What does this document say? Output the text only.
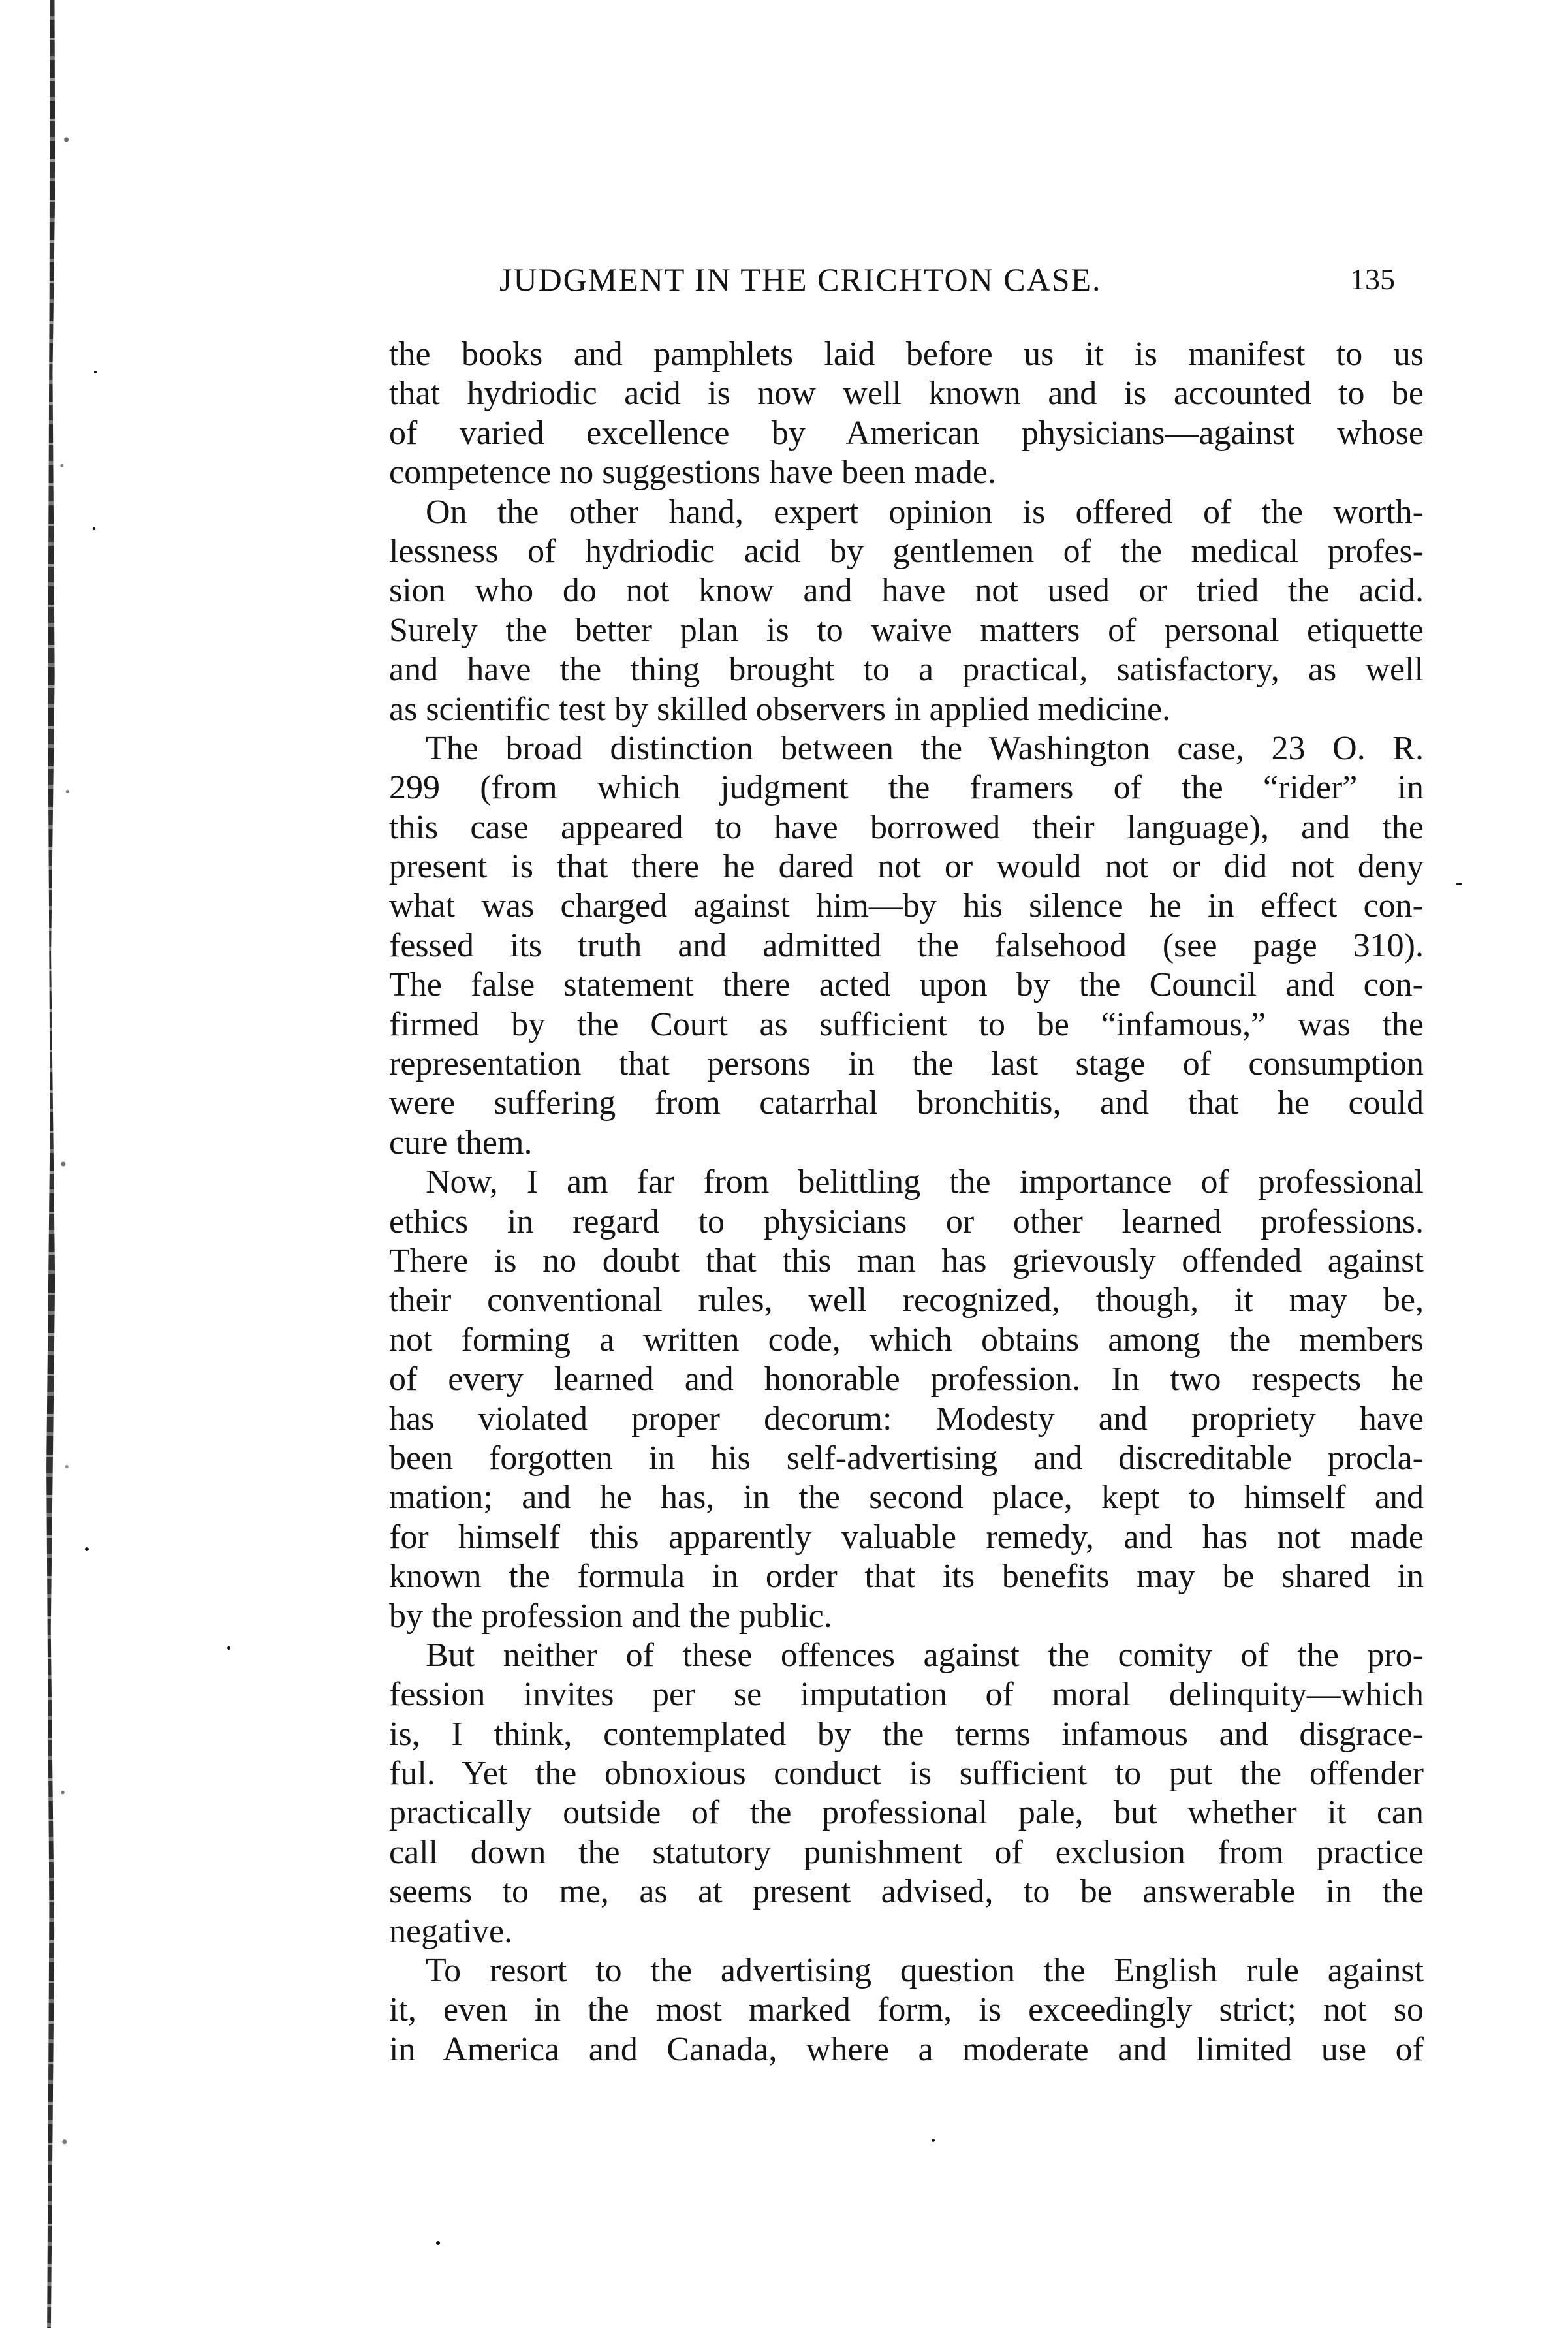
JUDGMENT IN THE CRICHTON CASE.	135
the books and pamphlets laid before us it is manifest to us
that hydriodic acid is now well known and is accounted to be
of varied excellence by American physicians—against whose
competence no suggestions have been made.
On the other hand, expert opinion is offered of the worth-
lessness of hydriodic acid by gentlemen of the medical profes-
sion who do not know and have not used or tried the acid.
Surely the better plan is to waive matters of personal etiquette
and have the thing brought to a practical, satisfactory, as well
as scientific test by skilled observers in applied medicine.
The broad distinction between the Washington case, 23 O. R.
299 (from which judgment the framers of the “rider” in
this case appeared to have borrowed their language), and the
present is that there he dared not or would not or did not deny
what was charged against him—by his silence he in effect con-
fessed its truth and admitted the falsehood (see page 310).
The false statement there acted upon by the Council and con-
firmed by the Court as sufficient to be “infamous,” was the
representation that persons in the last stage of consumption
were suffering from catarrhal bronchitis, and that he could
cure them.
Now, I am far from belittling the importance of professional
ethics in regard to physicians or other learned professions.
There is no doubt that this man has grievously offended against
their conventional rules, well recognized, though, it may be,
not forming a written code, which obtains among the members
of every learned and honorable profession. In two respects he
has violated proper decorum: Modesty and propriety have
been forgotten in his self-advertising and discreditable procla-
mation; and he has, in the second place, kept to himself and
for himself this apparently valuable remedy, and has not made
known the formula in order that its benefits may be shared in
by the profession and the public.
But neither of these offences against the comity of the pro-
fession invites per se imputation of moral delinquity—which
is, I think, contemplated by the terms infamous and disgrace-
ful. Yet the obnoxious conduct is sufficient to put the offender
practically outside of the professional pale, but whether it can
call down the statutory punishment of exclusion from practice
seems to me, as at present advised, to be answerable in the
negative.
To resort to the advertising question the English rule against
it, even in the most marked form, is exceedingly strict; not so
in America and Canada, where a moderate and limited use of
